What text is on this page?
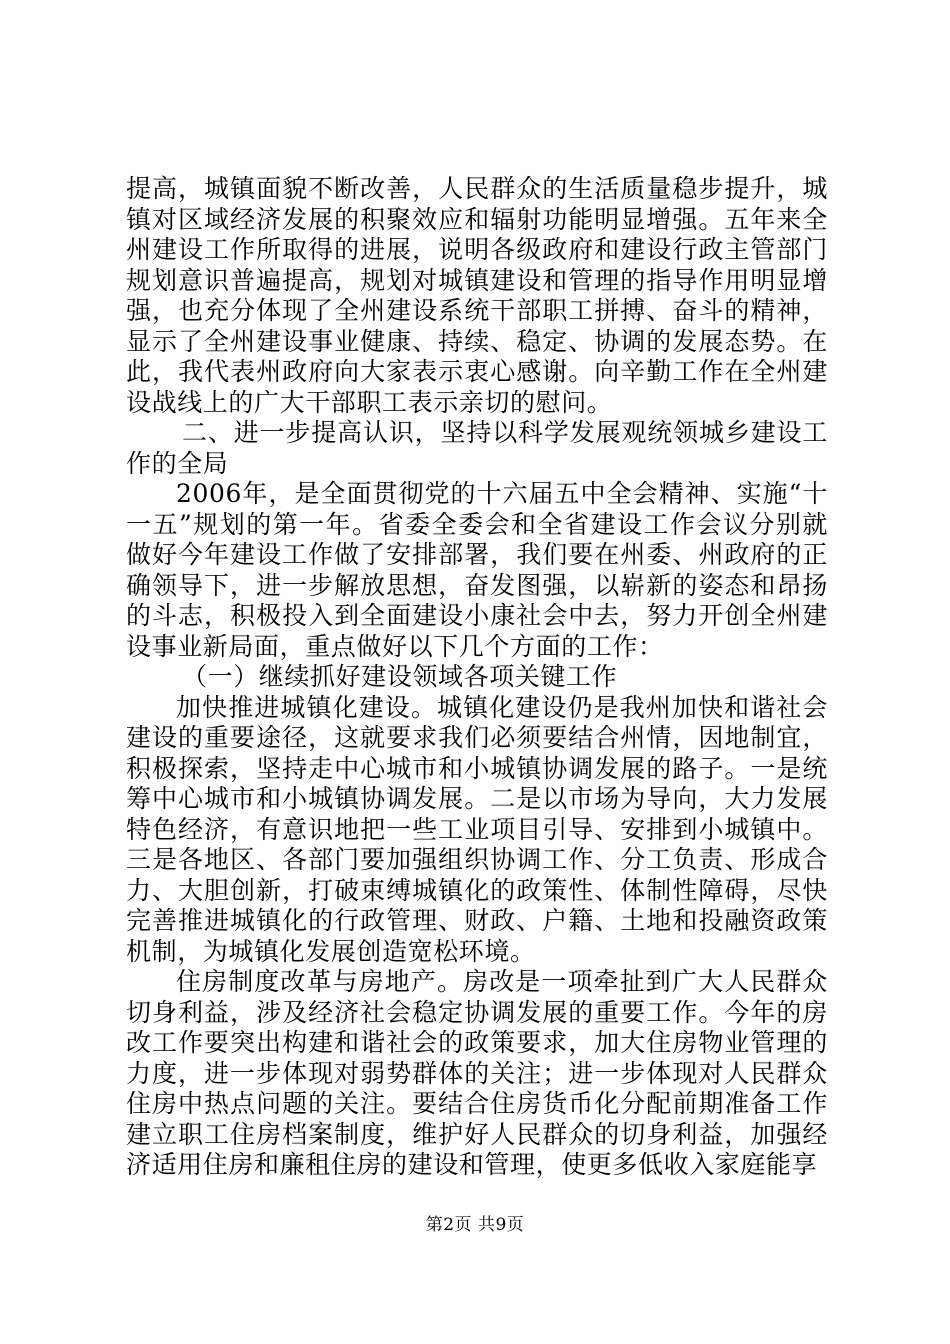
提高，城镇面貌不断改善，人民群众的生活质量稳步提升，城镇对区域经济发展的积聚效应和辐射功能明显增强。五年来全州建设工作所取得的进展，说明各级政府和建设行政主管部门规划意识普遍提高，规划对城镇建设和管理的指导作用明显增强，也充分体现了全州建设系统干部职工拼搏、奋斗的精神，显示了全州建设事业健康、持续、稳定、协调的发展态势。在此，我代表州政府向大家表示衷心感谢。向辛勤工作在全州建设战线上的广大干部职工表示亲切的慰问。

二、进一步提高认识，坚持以科学发展观统领城乡建设工作的全局

2006年，是全面贯彻党的十六届五中全会精神、实施“十一五”规划的第一年。省委全委会和全省建设工作会议分别就做好今年建设工作做了安排部署，我们要在州委、州政府的正确领导下，进一步解放思想，奋发图强，以崭新的姿态和昂扬的斗志，积极投入到全面建设小康社会中去，努力开创全州建设事业新局面，重点做好以下几个方面的工作：

（一）继续抓好建设领域各项关键工作

加快推进城镇化建设。城镇化建设仍是我州加快和谐社会建设的重要途径，这就要求我们必须要结合州情，因地制宜，积极探索，坚持走中心城市和小城镇协调发展的路子。一是统筹中心城市和小城镇协调发展。二是以市场为导向，大力发展特色经济，有意识地把一些工业项目引导、安排到小城镇中。三是各地区、各部门要加强组织协调工作、分工负责、形成合力、大胆创新，打破束缚城镇化的政策性、体制性障碍，尽快完善推进城镇化的行政管理、财政、户籍、土地和投融资政策机制，为城镇化发展创造宽松环境。

住房制度改革与房地产。房改是一项牵扯到广大人民群众切身利益，涉及经济社会稳定协调发展的重要工作。今年的房改工作要突出构建和谐社会的政策要求，加大住房物业管理的力度，进一步体现对弱势群体的关注；进一步体现对人民群众住房中热点问题的关注。要结合住房货币化分配前期准备工作建立职工住房档案制度，维护好人民群众的切身利益，加强经济适用住房和廉租住房的建设和管理，使更多低收入家庭能享

第2页 共9页
